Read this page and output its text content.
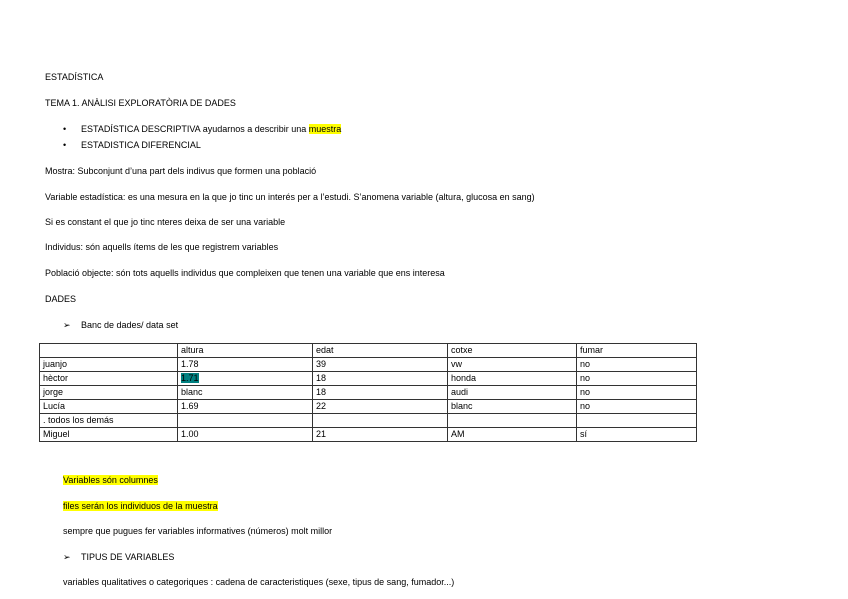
ESTADÍSTICA
TEMA 1. ANÀLISI EXPLORATÒRIA DE DADES
• ESTADÍSTICA DESCRIPTIVA ayudarnos a describir una muestra
• ESTADISTICA DIFERENCIAL
Mostra: Subconjunt d’una part dels indivus que formen una població
Variable estadística: es una mesura en la que jo tinc un interés per a l’estudi. S’anomena variable (altura, glucosa en sang)
Si es constant el que jo tinc nteres deixa de ser una variable
Individus: són aquells ítems de les que registrem variables
Població objecte: són tots aquells individus que compleixen que tenen una variable que ens interesa
DADES
➢ Banc de dades/ data set
	altura	edat	cotxe	fumar
juanjo	1.78	39	vw	no
hèctor	1.71	18	honda	no
jorge	blanc	18	audi	no
Lucía	1.69	22	blanc	no
. todos los demás				
Miguel	1.00	21	AM	sí
Variables són columnes
files serán los individuos de la muestra
sempre que pugues fer variables informatives (números) molt millor
➢ TIPUS DE VARIABLES
variables qualitatives o categoriques : cadena de caracteristiques (sexe, tipus de sang, fumador...)
